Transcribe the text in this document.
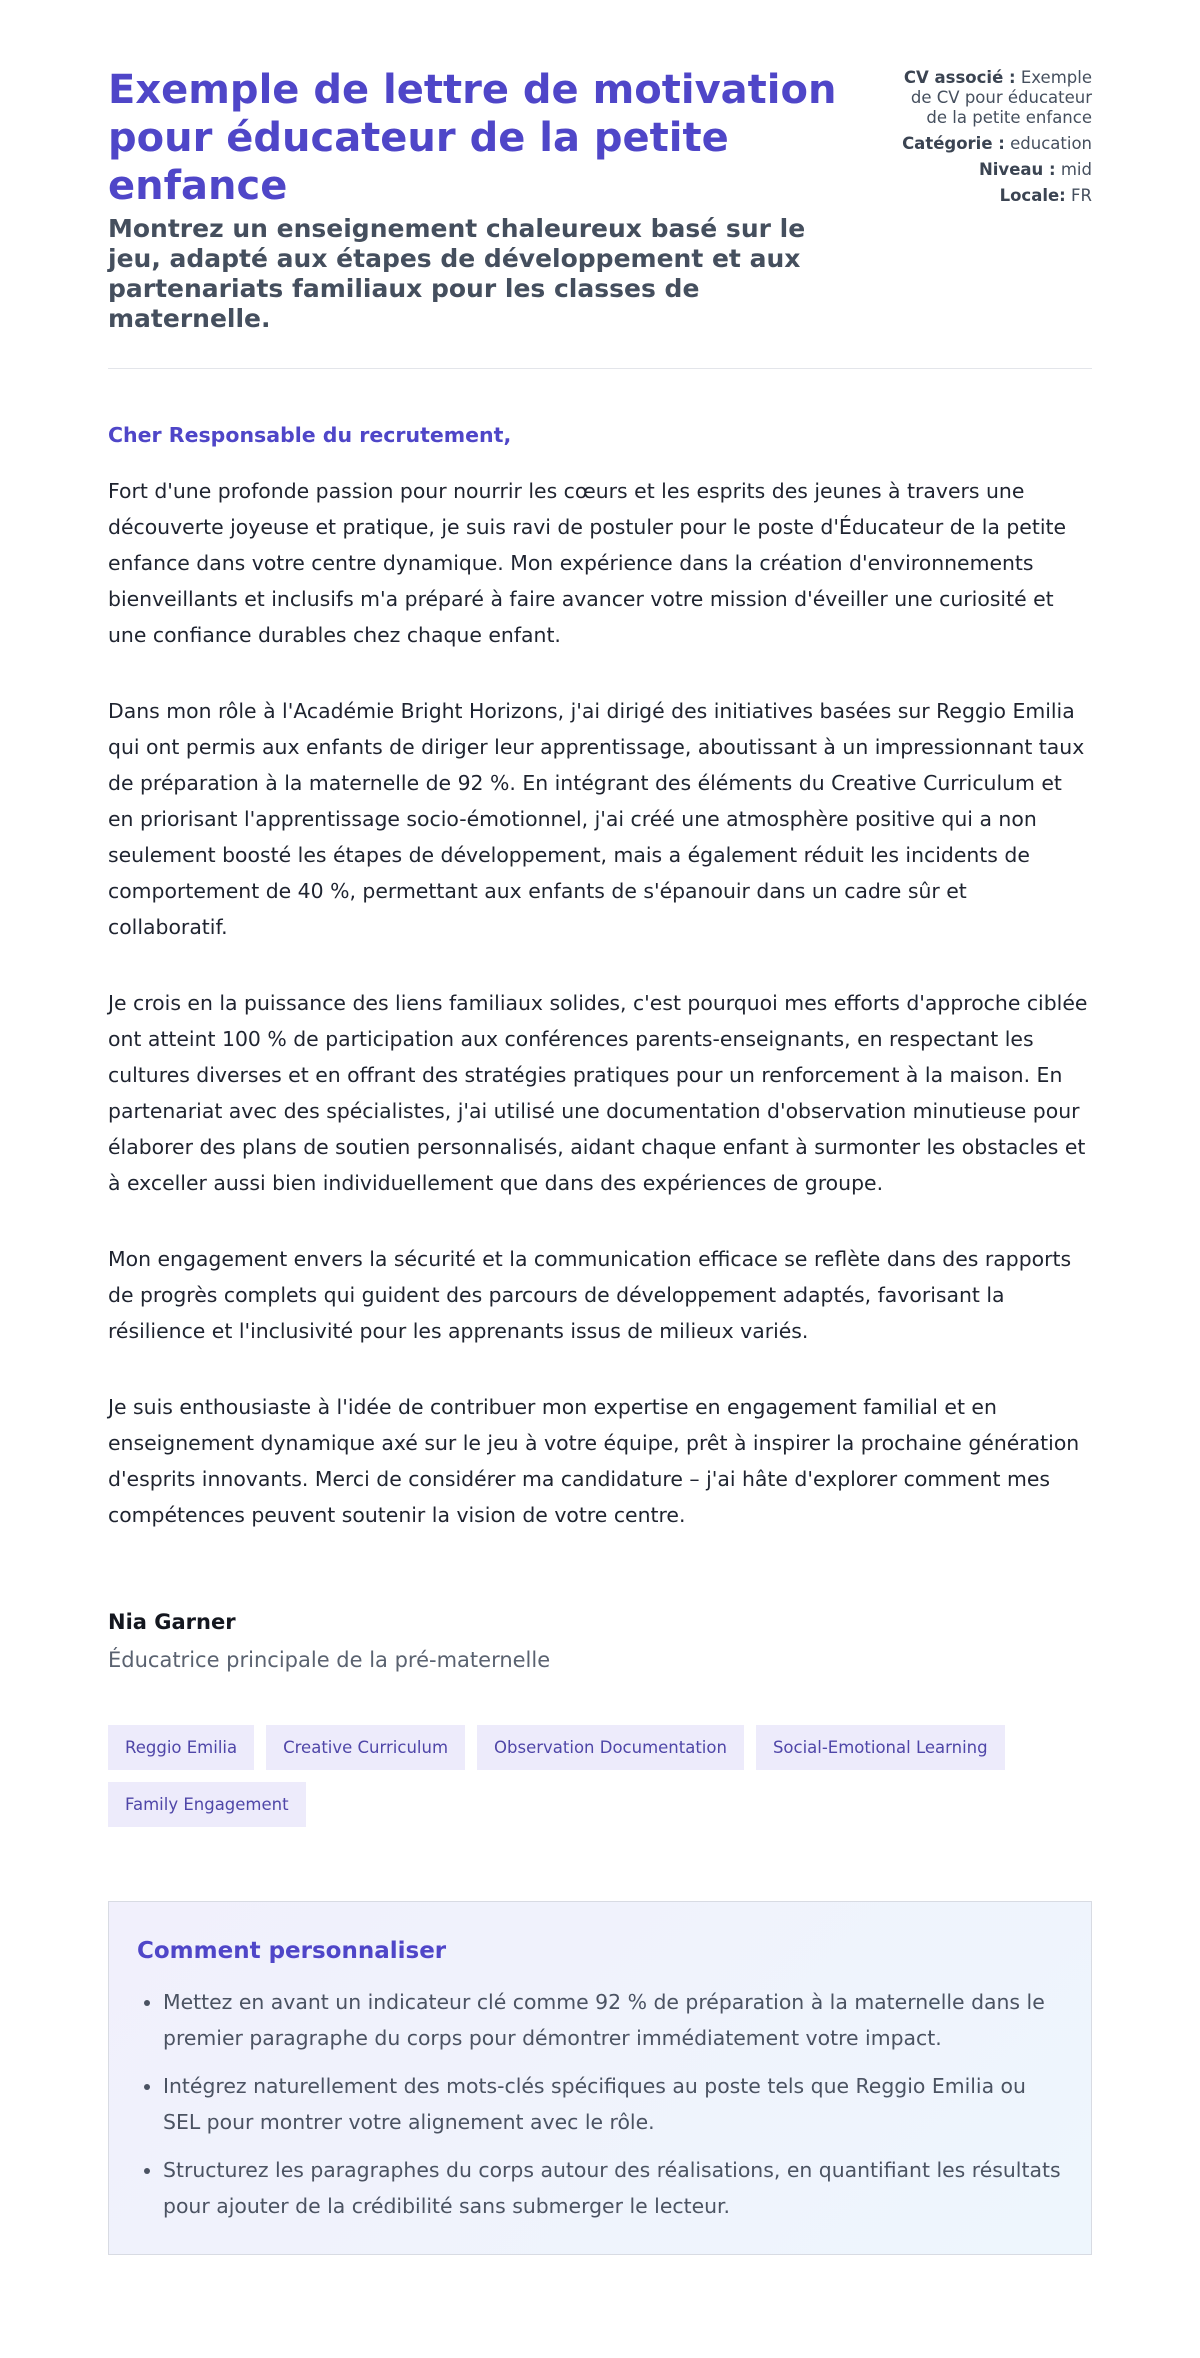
Exemple de lettre de motivation pour éducateur de la petite enfance

Montrez un enseignement chaleureux basé sur le jeu, adapté aux étapes de développement et aux partenariats familiaux pour les classes de maternelle.

CV associé : Exemple de CV pour éducateur de la petite enfance
Catégorie : education
Niveau : mid
Locale: FR

Cher Responsable du recrutement,

Fort d'une profonde passion pour nourrir les cœurs et les esprits des jeunes à travers une découverte joyeuse et pratique, je suis ravi de postuler pour le poste d'Éducateur de la petite enfance dans votre centre dynamique. Mon expérience dans la création d'environnements bienveillants et inclusifs m'a préparé à faire avancer votre mission d'éveiller une curiosité et une confiance durables chez chaque enfant.

Dans mon rôle à l'Académie Bright Horizons, j'ai dirigé des initiatives basées sur Reggio Emilia qui ont permis aux enfants de diriger leur apprentissage, aboutissant à un impressionnant taux de préparation à la maternelle de 92 %. En intégrant des éléments du Creative Curriculum et en priorisant l'apprentissage socio-émotionnel, j'ai créé une atmosphère positive qui a non seulement boosté les étapes de développement, mais a également réduit les incidents de comportement de 40 %, permettant aux enfants de s'épanouir dans un cadre sûr et collaboratif.

Je crois en la puissance des liens familiaux solides, c'est pourquoi mes efforts d'approche ciblée ont atteint 100 % de participation aux conférences parents-enseignants, en respectant les cultures diverses et en offrant des stratégies pratiques pour un renforcement à la maison. En partenariat avec des spécialistes, j'ai utilisé une documentation d'observation minutieuse pour élaborer des plans de soutien personnalisés, aidant chaque enfant à surmonter les obstacles et à exceller aussi bien individuellement que dans des expériences de groupe.

Mon engagement envers la sécurité et la communication efficace se reflète dans des rapports de progrès complets qui guident des parcours de développement adaptés, favorisant la résilience et l'inclusivité pour les apprenants issus de milieux variés.

Je suis enthousiaste à l'idée de contribuer mon expertise en engagement familial et en enseignement dynamique axé sur le jeu à votre équipe, prêt à inspirer la prochaine génération d'esprits innovants. Merci de considérer ma candidature – j'ai hâte d'explorer comment mes compétences peuvent soutenir la vision de votre centre.

Nia Garner

Éducatrice principale de la pré-maternelle

Reggio Emilia	Creative Curriculum	Observation Documentation	Social-Emotional Learning
Family Engagement
Comment personnaliser
• Mettez en avant un indicateur clé comme 92 % de préparation à la maternelle dans le premier paragraphe du corps pour démontrer immédiatement votre impact.
• Intégrez naturellement des mots-clés spécifiques au poste tels que Reggio Emilia ou SEL pour montrer votre alignement avec le rôle.
• Structurez les paragraphes du corps autour des réalisations, en quantifiant les résultats pour ajouter de la crédibilité sans submerger le lecteur.
